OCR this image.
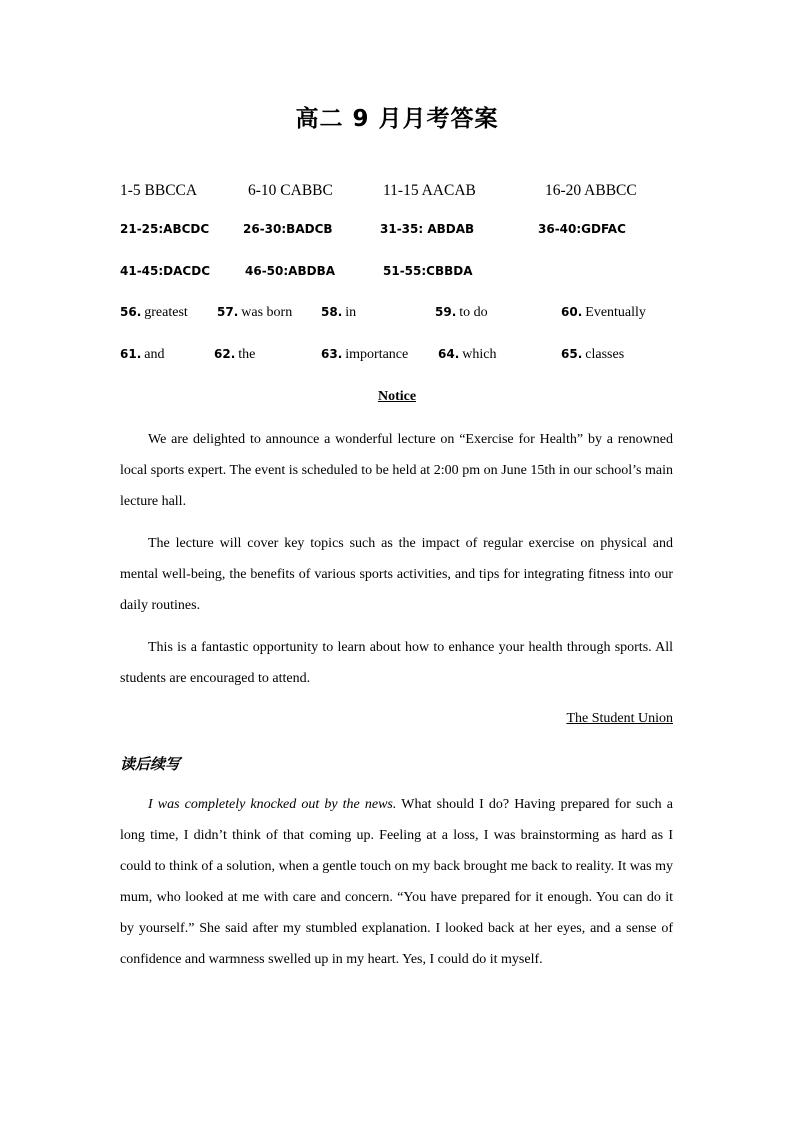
高二 9 月月考答案
1-5 BBCCA	6-10 CABBC	11-15 AACAB	16-20 ABBCC
21-25:ABCDC	26-30:BADCB	31-35: ABDAB	36-40:GDFAC
41-45:DACDC	46-50:ABDBA	51-55:CBBDA
56. greatest 57. was born 58. in	59. to do	60. Eventually
61. and	62. the	63. importance 64. which	65. classes
Notice

We are delighted to announce a wonderful lecture on “Exercise for Health” by a renowned local sports expert. The event is scheduled to be held at 2:00 pm on June 15th in our school’s main lecture hall.

The lecture will cover key topics such as the impact of regular exercise on physical and mental well-being, the benefits of various sports activities, and tips for integrating fitness into our daily routines.

This is a fantastic opportunity to learn about how to enhance your health through sports. All students are encouraged to attend.

The Student Union
读后续写

I was completely knocked out by the news. What should I do? Having prepared for such a long time, I didn’t think of that coming up. Feeling at a loss, I was brainstorming as hard as I could to think of a solution, when a gentle touch on my back brought me back to reality. It was my mum, who looked at me with care and concern. “You have prepared for it enough. You can do it by yourself.” She said after my stumbled explanation. I looked back at her eyes, and a sense of confidence and warmness swelled up in my heart. Yes, I could do it myself.
